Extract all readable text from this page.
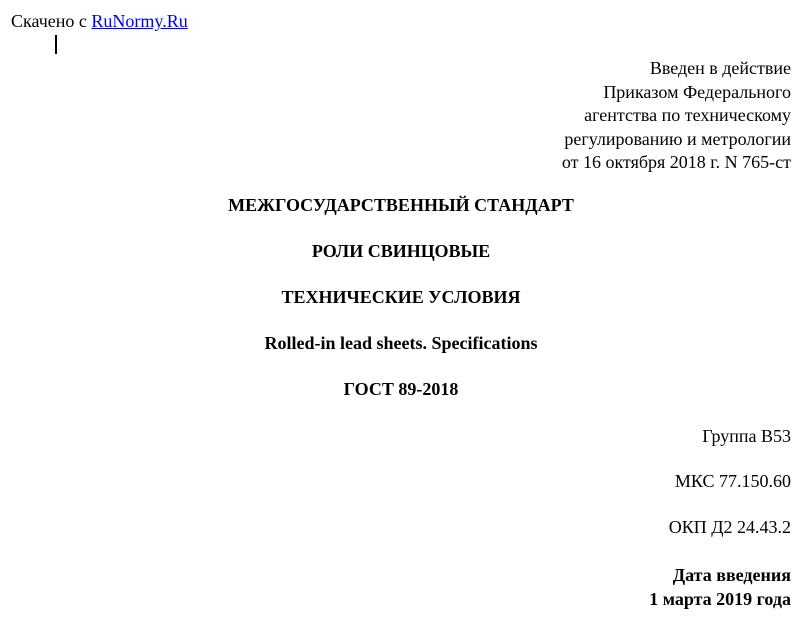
Скачено с RuNormy.Ru
Введен в действие
Приказом Федерального
агентства по техническому
регулированию и метрологии
от 16 октября 2018 г. N 765-ст
МЕЖГОСУДАРСТВЕННЫЙ СТАНДАРТ
РОЛИ СВИНЦОВЫЕ
ТЕХНИЧЕСКИЕ УСЛОВИЯ
Rolled-in lead sheets. Specifications
ГОСТ 89-2018
Группа В53
МКС 77.150.60
ОКП Д2 24.43.2
Дата введения
1 марта 2019 года
